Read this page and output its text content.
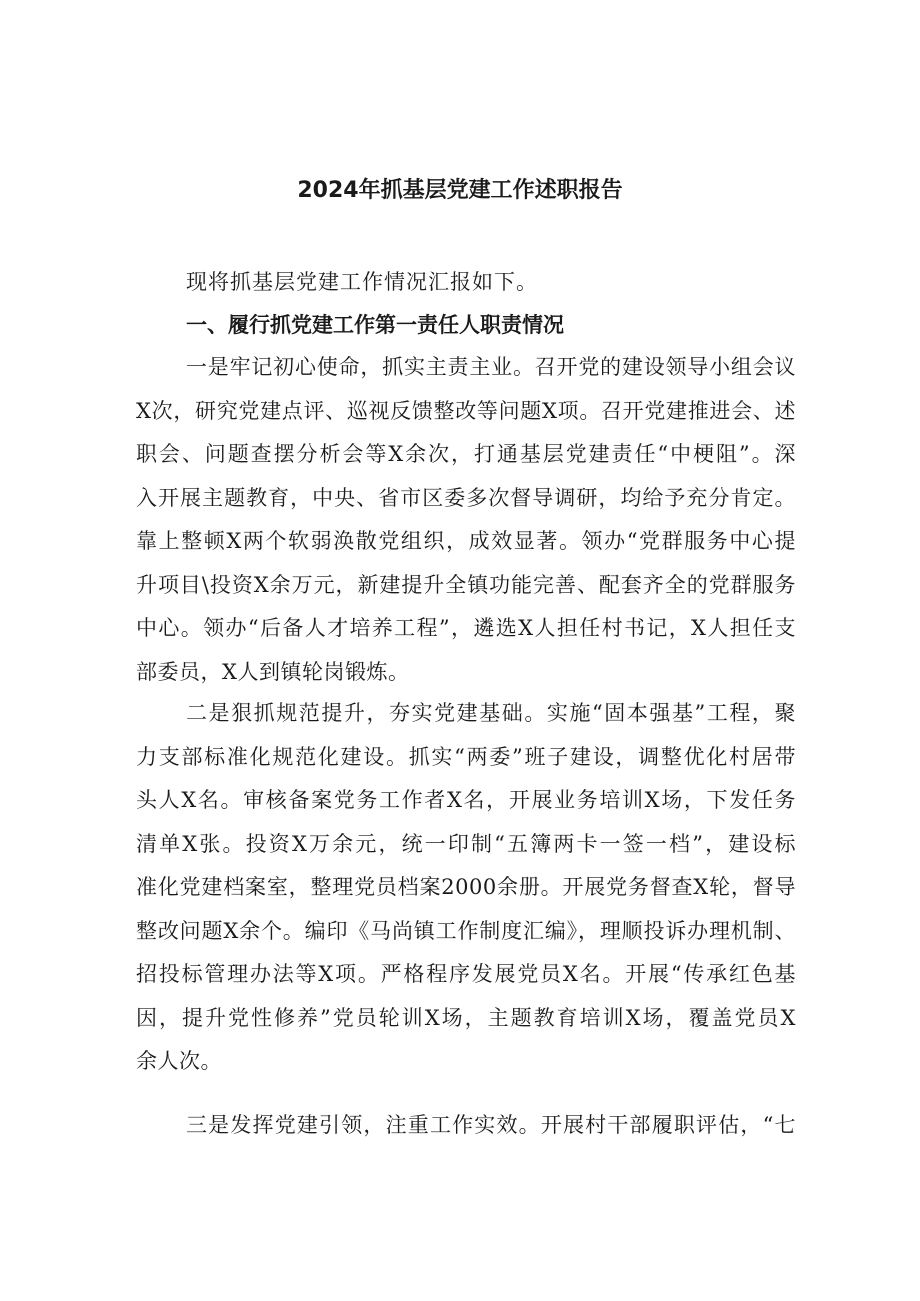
2024年抓基层党建工作述职报告
现将抓基层党建工作情况汇报如下。
一、履行抓党建工作第一责任人职责情况
一是牢记初心使命，抓实主责主业。召开党的建设领导小组会议
X次，研究党建点评、巡视反馈整改等问题X项。召开党建推进会、述
职会、问题查摆分析会等X余次，打通基层党建责任“中梗阻”。深
入开展主题教育，中央、省市区委多次督导调研，均给予充分肯定。
靠上整顿X两个软弱涣散党组织，成效显著。领办“党群服务中心提
升项目\投资X余万元，新建提升全镇功能完善、配套齐全的党群服务
中心。领办“后备人才培养工程”，遴选X人担任村书记，X人担任支
部委员，X人到镇轮岗锻炼。
二是狠抓规范提升，夯实党建基础。实施“固本强基”工程，聚
力支部标准化规范化建设。抓实“两委”班子建设，调整优化村居带
头人X名。审核备案党务工作者X名，开展业务培训X场，下发任务
清单X张。投资X万余元，统一印制“五簿两卡一签一档”，建设标
准化党建档案室，整理党员档案2000余册。开展党务督查X轮，督导
整改问题X余个。编印《马尚镇工作制度汇编》，理顺投诉办理机制、
招投标管理办法等X项。严格程序发展党员X名。开展“传承红色基
因，提升党性修养”党员轮训X场，主题教育培训X场，覆盖党员X
余人次。
三是发挥党建引领，注重工作实效。开展村干部履职评估，“七
